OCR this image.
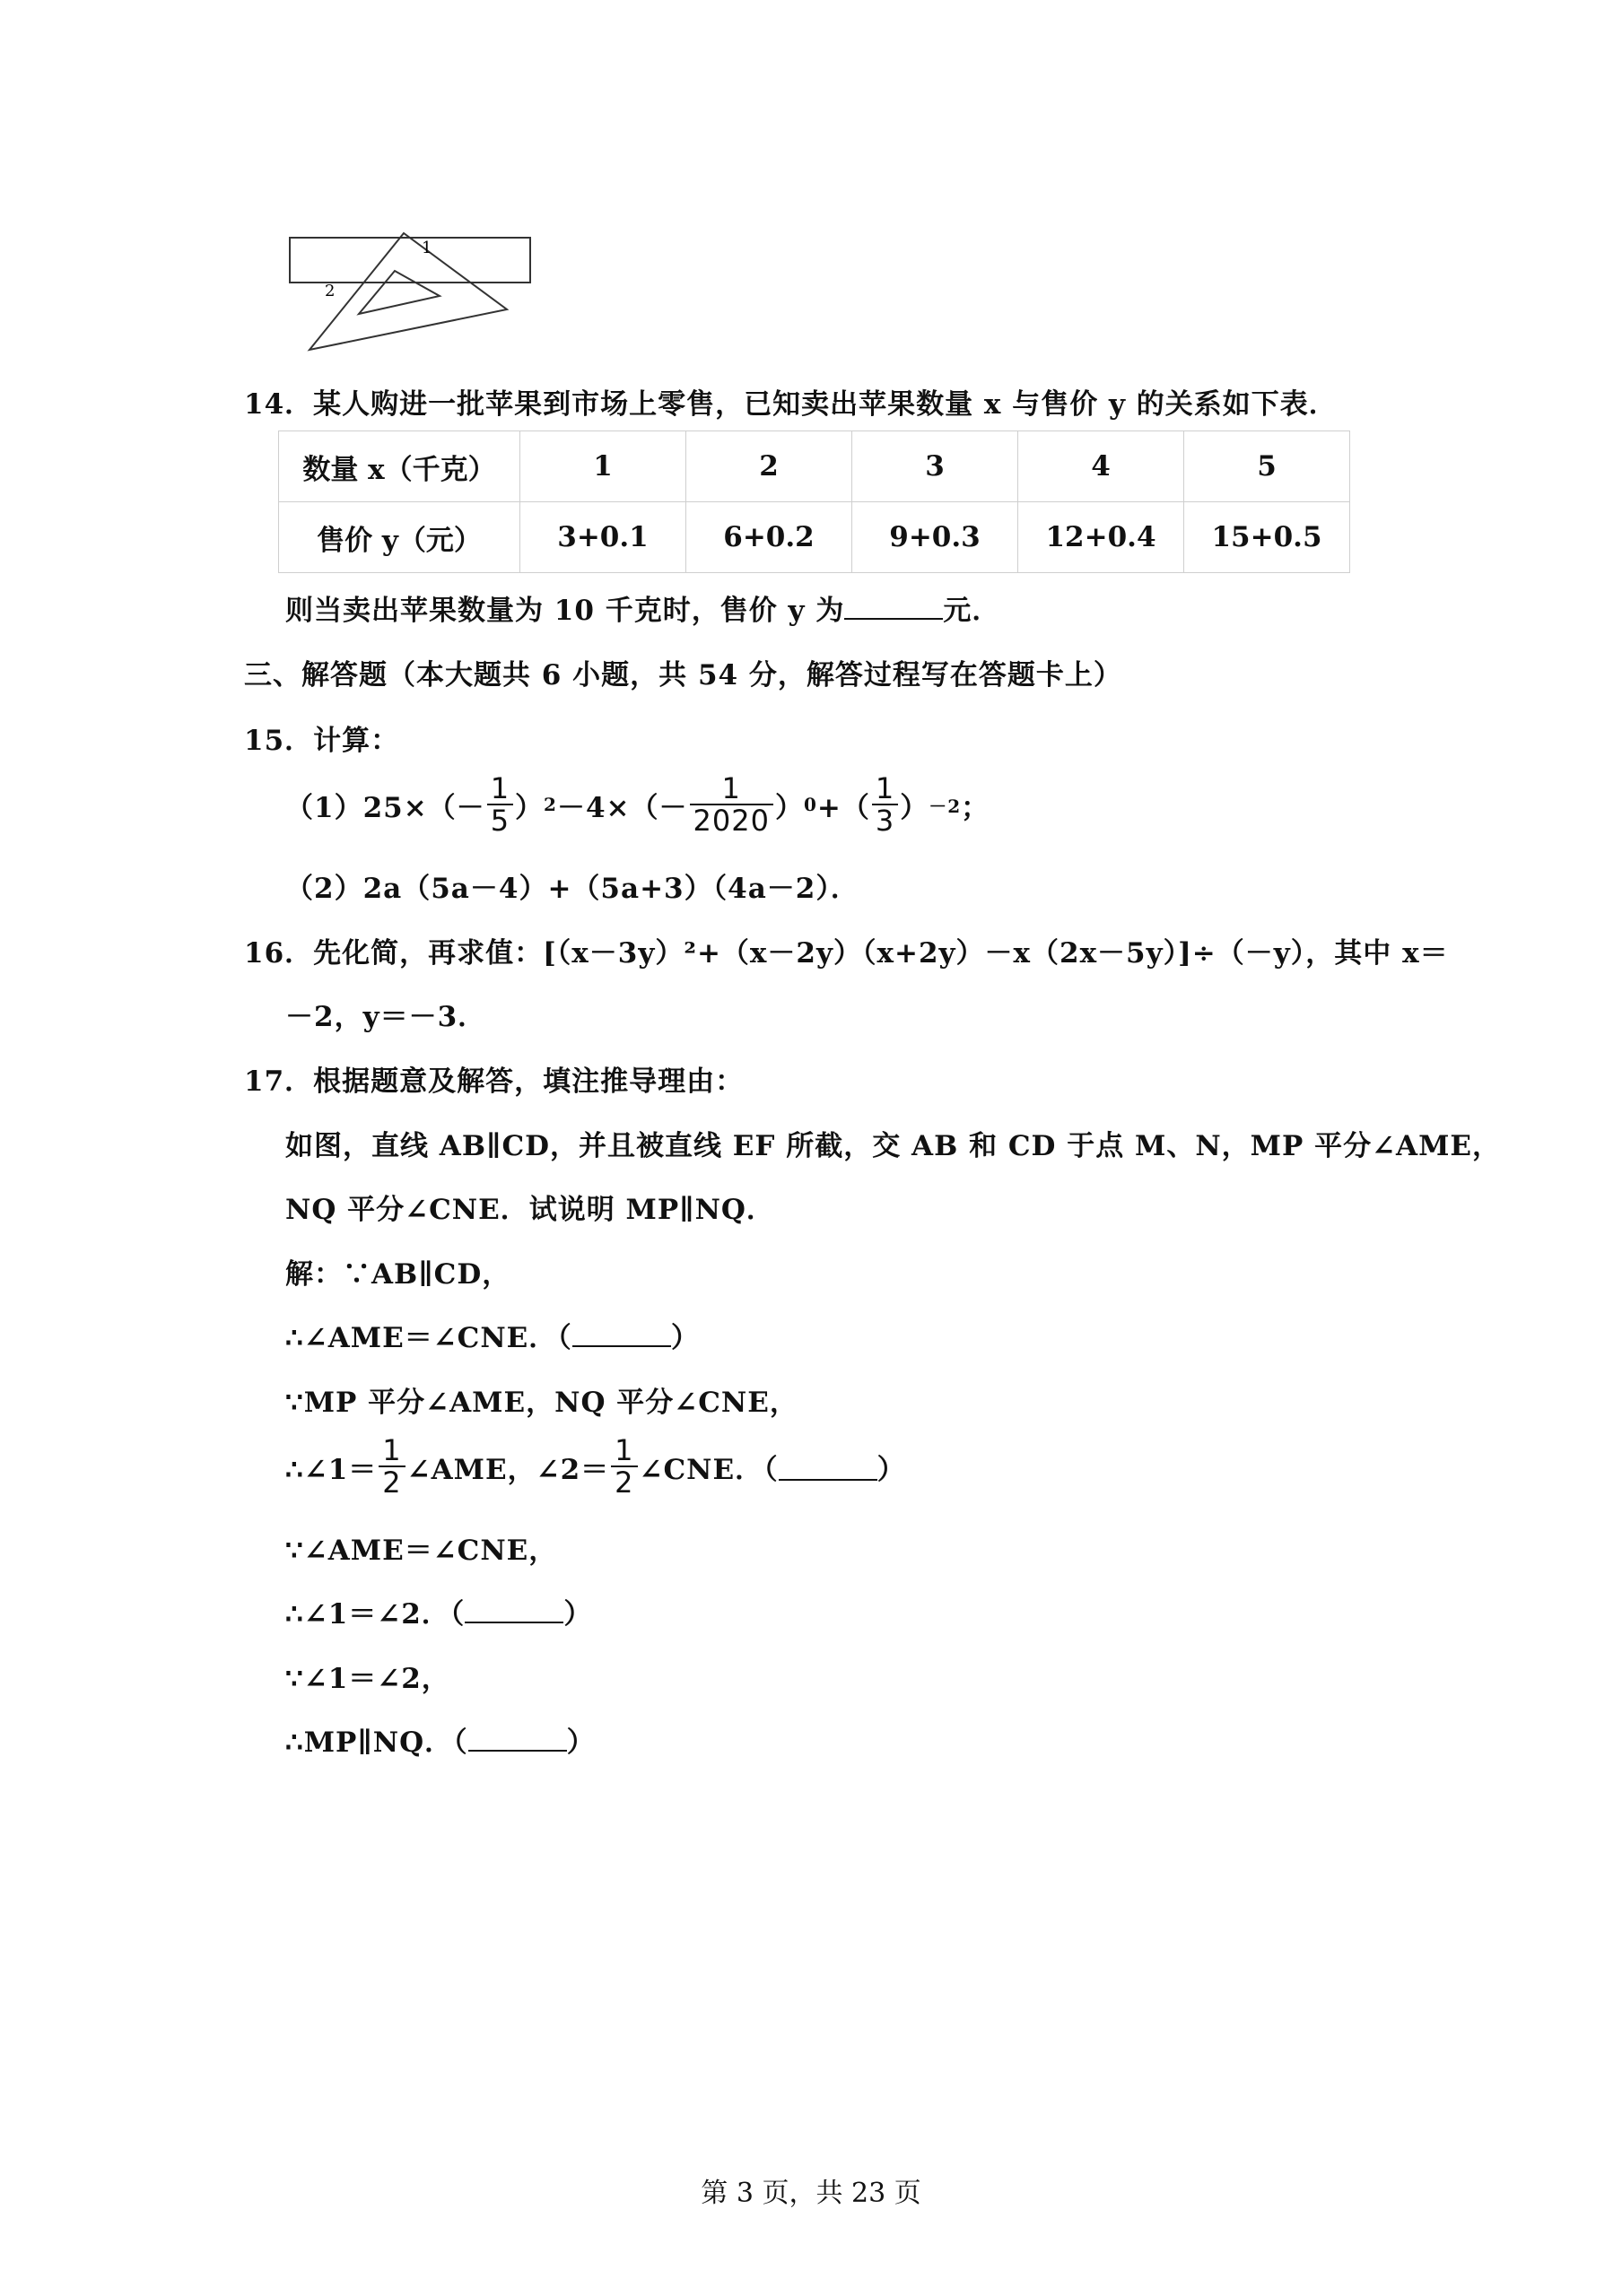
1
2
14．某人购进一批苹果到市场上零售，已知卖出苹果数量 x 与售价 y 的关系如下表．
数量 x（千克）	1	2	3	4	5
售价 y（元）	3+0.1	6+0.2	9+0.3	12+0.4	15+0.5
则当卖出苹果数量为 10 千克时，售价 y 为	元．
三、解答题（本大题共 6 小题，共 54 分，解答过程写在答题卡上）
15．计算：
$(1)25\times(- \frac{1}{5}$ ） $2 -4\times(- \frac{1}{2020}$ ） 0 +（ $\frac{1}{3}$ ） －2 ；
（2）2a（5a－4）+（5a+3）（4a－2）．
16．先化简，再求值：[（x－3y）²+（x－2y）（x+2y）－x（2x－5y）]÷（－y），其中 x＝
－2，y＝－3．
17．根据题意及解答，填注推导理由：
如图，直线 AB∥CD，并且被直线 EF 所截，交 AB 和 CD 于点 M、N，MP 平分∠AME，
NQ 平分∠CNE．试说明 MP∥NQ．
解：∵AB∥CD，
∴∠AME＝∠CNE．（	）
∵MP 平分∠AME，NQ 平分∠CNE，
∴∠1＝ $\frac{1}{2}$ ∠AME，∠2＝ $\frac{1}{2}$ ∠CNE．（	）
∵∠AME＝∠CNE，
∴∠1＝∠2．（	）
∵∠1＝∠2，
∴MP∥NQ．（	）
第 3 页，共 23 页
